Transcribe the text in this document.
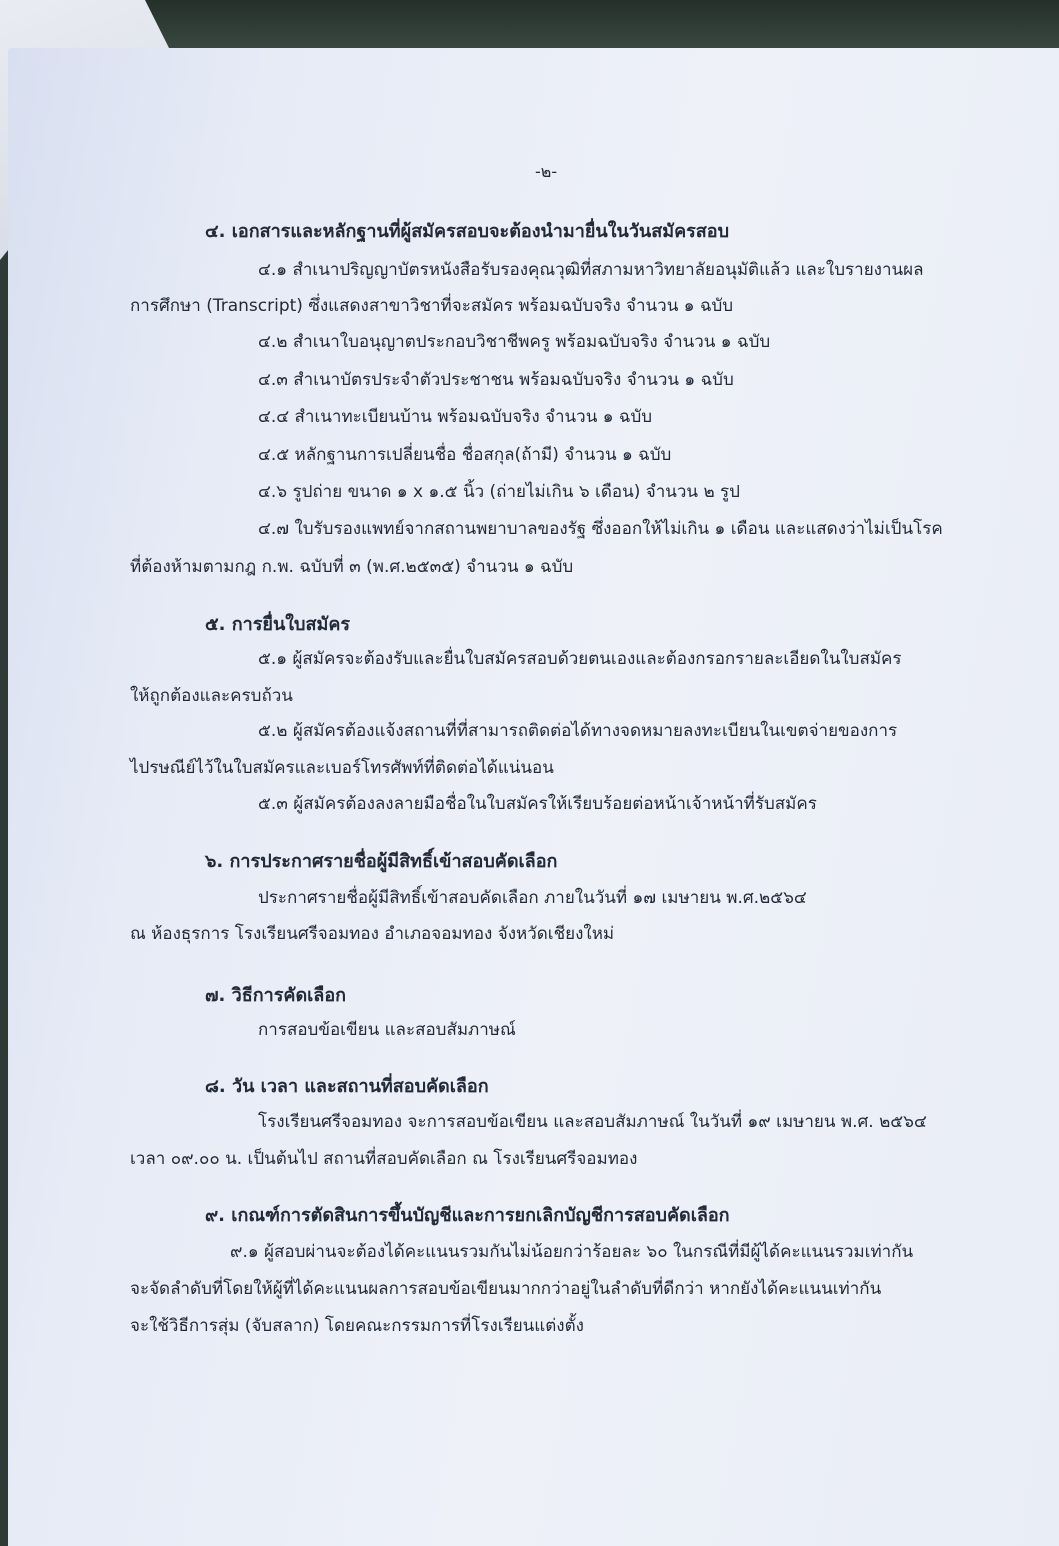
-๒-
๔. เอกสารและหลักฐานที่ผู้สมัครสอบจะต้องนำมายื่นในวันสมัครสอบ
๔.๑ สำเนาปริญญาบัตรหนังสือรับรองคุณวุฒิที่สภามหาวิทยาลัยอนุมัติแล้ว และใบรายงานผล
การศึกษา (Transcript) ซึ่งแสดงสาขาวิชาที่จะสมัคร พร้อมฉบับจริง จำนวน ๑ ฉบับ
๔.๒ สำเนาใบอนุญาตประกอบวิชาชีพครู พร้อมฉบับจริง จำนวน ๑ ฉบับ
๔.๓ สำเนาบัตรประจำตัวประชาชน พร้อมฉบับจริง จำนวน ๑ ฉบับ
๔.๔ สำเนาทะเบียนบ้าน พร้อมฉบับจริง จำนวน ๑ ฉบับ
๔.๕ หลักฐานการเปลี่ยนชื่อ ชื่อสกุล(ถ้ามี) จำนวน ๑ ฉบับ
๔.๖ รูปถ่าย ขนาด ๑ x ๑.๕ นิ้ว (ถ่ายไม่เกิน ๖ เดือน) จำนวน ๒ รูป
๔.๗ ใบรับรองแพทย์จากสถานพยาบาลของรัฐ ซึ่งออกให้ไม่เกิน ๑ เดือน และแสดงว่าไม่เป็นโรค
ที่ต้องห้ามตามกฎ ก.พ. ฉบับที่ ๓ (พ.ศ.๒๕๓๕) จำนวน ๑ ฉบับ
๕. การยื่นใบสมัคร
๕.๑ ผู้สมัครจะต้องรับและยื่นใบสมัครสอบด้วยตนเองและต้องกรอกรายละเอียดในใบสมัคร
ให้ถูกต้องและครบถ้วน
๕.๒ ผู้สมัครต้องแจ้งสถานที่ที่สามารถติดต่อได้ทางจดหมายลงทะเบียนในเขตจ่ายของการ
ไปรษณีย์ไว้ในใบสมัครและเบอร์โทรศัพท์ที่ติดต่อได้แน่นอน
๕.๓ ผู้สมัครต้องลงลายมือชื่อในใบสมัครให้เรียบร้อยต่อหน้าเจ้าหน้าที่รับสมัคร
๖. การประกาศรายชื่อผู้มีสิทธิ์เข้าสอบคัดเลือก
ประกาศรายชื่อผู้มีสิทธิ์เข้าสอบคัดเลือก ภายในวันที่ ๑๗ เมษายน พ.ศ.๒๕๖๔
ณ ห้องธุรการ โรงเรียนศรีจอมทอง อำเภอจอมทอง จังหวัดเชียงใหม่
๗. วิธีการคัดเลือก
การสอบข้อเขียน และสอบสัมภาษณ์
๘. วัน เวลา และสถานที่สอบคัดเลือก
โรงเรียนศรีจอมทอง จะการสอบข้อเขียน และสอบสัมภาษณ์ ในวันที่ ๑๙ เมษายน พ.ศ. ๒๕๖๔
เวลา ๐๙.๐๐ น. เป็นต้นไป สถานที่สอบคัดเลือก ณ โรงเรียนศรีจอมทอง
๙. เกณฑ์การตัดสินการขึ้นบัญชีและการยกเลิกบัญชีการสอบคัดเลือก
๙.๑ ผู้สอบผ่านจะต้องได้คะแนนรวมกันไม่น้อยกว่าร้อยละ ๖๐ ในกรณีที่มีผู้ได้คะแนนรวมเท่ากัน
จะจัดลำดับที่โดยให้ผู้ที่ได้คะแนนผลการสอบข้อเขียนมากกว่าอยู่ในลำดับที่ดีกว่า หากยังได้คะแนนเท่ากัน
จะใช้วิธีการสุ่ม (จับสลาก) โดยคณะกรรมการที่โรงเรียนแต่งตั้ง
